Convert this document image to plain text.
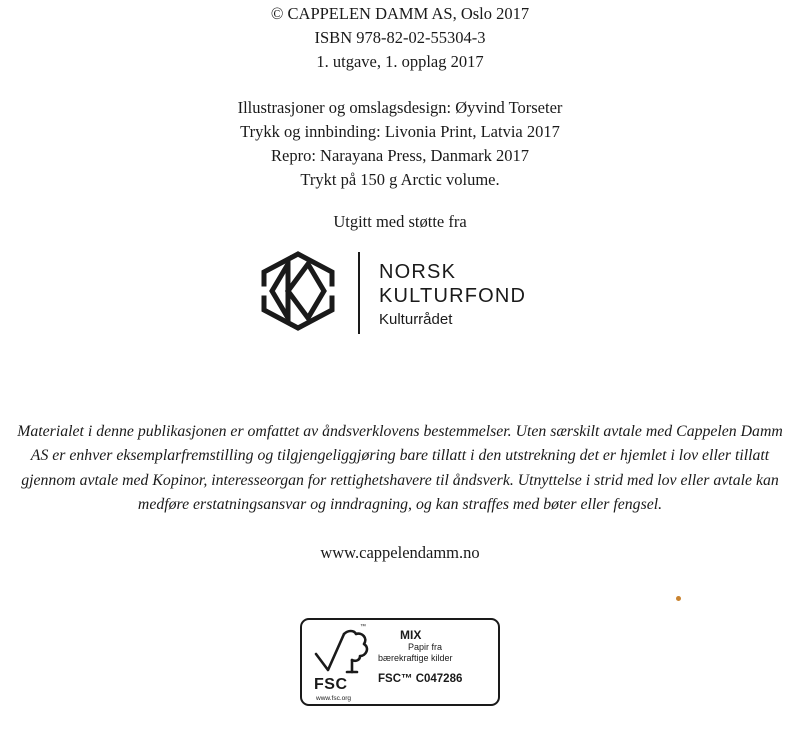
© CAPPELEN DAMM AS, Oslo 2017

ISBN 978-82-02-55304-3

1. utgave, 1. opplag 2017

Illustrasjoner og omslagsdesign: Øyvind Torseter

Trykk og innbinding: Livonia Print, Latvia 2017

Repro: Narayana Press, Danmark 2017

Trykt på 150 g Arctic volume.

Utgitt med støtte fra

NORSK
KULTURFOND
Kulturrådet

Materialet i denne publikasjonen er omfattet av åndsverklovens bestemmelser. Uten særskilt avtale med Cappelen Damm AS er enhver eksemplarfremstilling og tilgjengeliggjøring bare tillatt i den utstrekning det er hjemlet i lov eller tillatt gjennom avtale med Kopinor, interesseorgan for rettighetshavere til åndsverk. Utnyttelse i strid med lov eller avtale kan medføre erstatningsansvar og inndragning, og kan straffes med bøter eller fengsel.

www.cappelendamm.no

™
FSC
www.fsc.org
MIX
Papir fra
bærekraftige kilder
FSC™ C047286
